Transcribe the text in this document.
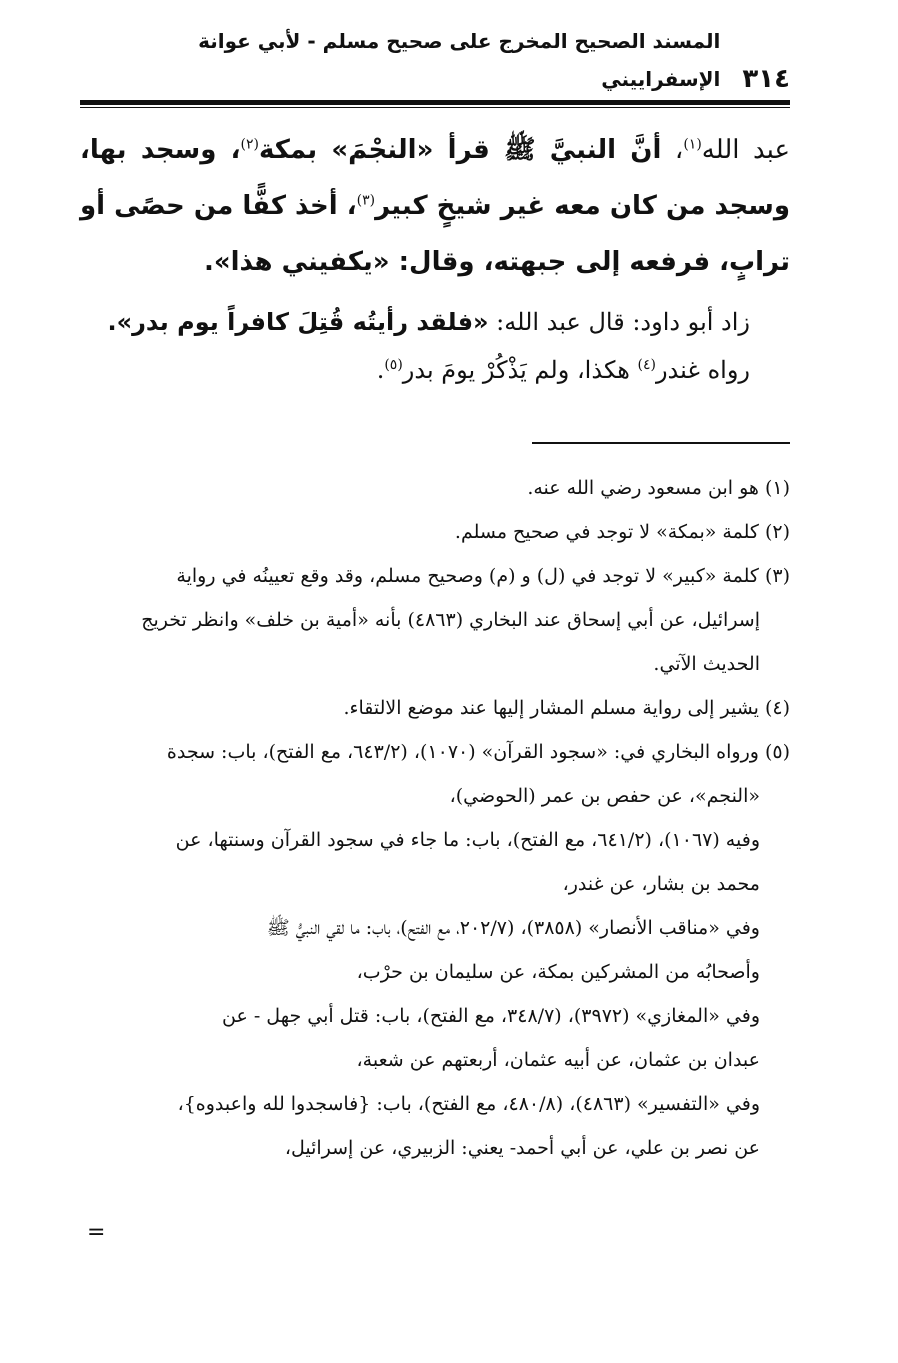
٣١٤
المسند الصحيح المخرج على صحيح مسلم - لأبي عوانة الإسفراييني
عبد الله$^{(١)}$، أنَّ النبيَّ ﷺ قرأ «النجْمَ» بمكة$^{(٢)}$، وسجد بها، وسجد من كان معه غير شيخٍ كبير$^{(٣)}$، أخذ كفًّا من حصًى أو ترابٍ، فرفعه إلى جبهته، وقال: «يكفيني هذا».
زاد أبو داود: قال عبد الله: «فلقد رأيتُه قُتِلَ كافراً يوم بدر».
رواه غندر$^{(٤)}$ هكذا، ولم يَذْكُرْ يومَ بدر$^{(٥)}$.
(١)هو ابن مسعود رضي الله عنه.
(٢)كلمة «بمكة» لا توجد في صحيح مسلم.
(٣)كلمة «كبير» لا توجد في (ل) و (م) وصحيح مسلم، وقد وقع تعيينُه في رواية
إسرائيل، عن أبي إسحاق عند البخاري (٤٨٦٣) بأنه «أمية بن خلف» وانظر تخريج
الحديث الآتي.
(٤)يشير إلى رواية مسلم المشار إليها عند موضع الالتقاء.
(٥)ورواه البخاري في: «سجود القرآن» (١٠٧٠)، (٦٤٣/٢، مع الفتح)، باب: سجدة
«النجم»، عن حفص بن عمر (الحوضي)،
وفيه (١٠٦٧)، (٦٤١/٢، مع الفتح)، باب: ما جاء في سجود القرآن وسنتها، عن
محمد بن بشار، عن غندر،
وفي «مناقب الأنصار» (٣٨٥٨)، (٢٠٢/٧، مع الفتح)، باب: ما لقي النبيُّ ﷺ
وأصحابُه من المشركين بمكة، عن سليمان بن حرْب،
وفي «المغازي» (٣٩٧٢)، (٣٤٨/٧، مع الفتح)، باب: قتل أبي جهل - عن
عبدان بن عثمان، عن أبيه عثمان، أربعتهم عن شعبة،
وفي «التفسير» (٤٨٦٣)، (٤٨٠/٨، مع الفتح)، باب: {فاسجدوا لله واعبدوه}،
عن نصر بن علي، عن أبي أحمد- يعني: الزبيري، عن إسرائيل،
=
